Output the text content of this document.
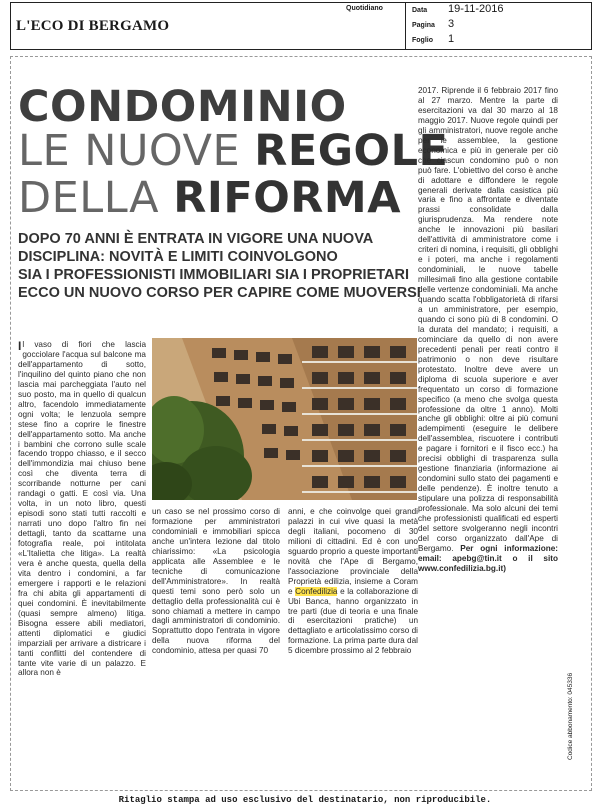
L'ECO DI BERGAMO
Quotidiano	Data 19-11-2016
Pagina 3
Foglio 1
CONDOMINIO
LE NUOVE REGOLE
DELLA RIFORMA
DOPO 70 ANNI È ENTRATA IN VIGORE UNA NUOVA
DISCIPLINA: NOVITÀ E LIMITI COINVOLGONO
SIA I PROFESSIONISTI IMMOBILIARI SIA I PROPRIETARI
ECCO UN NUOVO CORSO PER CAPIRE COME MUOVERSI
I l vaso di fiori che lascia gocciolare l'acqua sul balcone ma dell'appartamento di sotto, l'inquilino del quinto piano che non lascia mai parcheggiata l'auto nel suo posto, ma in quello di qualcun altro, facendolo immediatamente ogni volta; le lenzuola sempre stese fino a coprire le finestre dell'appartamento sotto. Ma anche i bambini che corrono sulle scale facendo troppo chiasso, e il secco dell'immondizia mai chiuso bene così che diventa terra di scorribande notturne per cani randagi o gatti. E così via. Una volta, in un noto libro, questi episodi sono stati tutti raccolti e narrati uno dopo l'altro fin nei dettagli, tanto da scattarne una fotografia reale, poi intitolata «L'Italietta che litiga». La realtà vera è anche questa, quella della vita dentro i condomini, a far emergere i rapporti e le relazioni fra chi abita gli appartamenti di quei condomini. È inevitabilmente (quasi sempre almeno) litiga. Bisogna essere abili mediatori, attenti diplomatici e giudici imparziali per arrivare a districare i tanti conflitti del contendere di tante vite varie di un palazzo. E allora non è
un caso se nel prossimo corso di formazione per amministratori condominiali e immobiliari spicca anche un'intera lezione dal titolo chiarissimo: «La psicologia applicata alle Assemblee e le tecniche di comunicazione dell'Amministratore». In realtà questi temi sono però solo un dettaglio della professionalità cui è sono chiamati a mettere in campo dagli amministratori di condominio. Soprattutto dopo l'entrata in vigore della nuova riforma del condominio, attesa per quasi 70
anni, e che coinvolge quei grandi palazzi in cui vive quasi la metà degli italiani, pocomeno di 30 milioni di cittadini. Ed è con uno sguardo proprio a queste importanti novità che l'Ape di Bergamo, l'associazione provinciale della Proprietà edilizia, insieme a Coram e Confedilizia e la collaborazione di Ubi Banca, hanno organizzato in tre parti (due di teoria e una finale di esercitazioni pratiche) un dettagliato e articolatissimo corso di formazione. La prima parte dura dal 5 dicembre prossimo al 2 febbraio
2017. Riprende il 6 febbraio 2017 fino al 27 marzo. Mentre la parte di esercitazioni va dal 30 marzo al 18 maggio 2017. Nuove regole quindi per gli amministratori, nuove regole anche per le assemblee, la gestione economica e più in generale per ciò che ciascun condomino può o non può fare. L'obiettivo del corso è anche di adottare e diffondere le regole generali derivate dalla casistica più varia e fino a affrontate e diventate prassi consolidate dalla giurisprudenza. Ma rendere note anche le innovazioni più basilari dell'attività di amministratore come i criteri di nomina, i requisiti, gli obblighi e i poteri, ma anche i regolamenti condominiali, le nuove tabelle millesimali fino alla gestione contabile delle vertenze condominiali. Ma anche quando scatta l'obbligatorietà di rifarsi a un amministratore, per esempio, quando ci sono più di 8 condomini. O la durata del mandato; i requisiti, a cominciare da quello di non avere precedenti penali per reati contro il patrimonio o non deve risultare protestato. Inoltre deve avere un diploma di scuola superiore e aver frequentato un corso di formazione specifico (a meno che svolga questa professione da oltre 1 anno). Molti anche gli obblighi: oltre ai più comuni adempimenti (eseguire le delibere dell'assemblea, riscuotere i contributi e pagare i fornitori e il fisco ecc.) ha precisi obblighi di trasparenza sulla gestione finanziaria (informazione ai condomini sullo stato dei pagamenti e delle pendenze). È inoltre tenuto a stipulare una polizza di responsabilità professionale. Ma solo alcuni dei temi che professionisti qualificati ed esperti del settore svolgeranno negli incontri del corso organizzato dall'Ape di Bergamo. Per ogni informazione: email: apebg@tin.it o il sito www.confedilizia.bg.it)
Codice abbonamento: 045336
Ritaglio stampa ad uso esclusivo del destinatario, non riproducibile.
